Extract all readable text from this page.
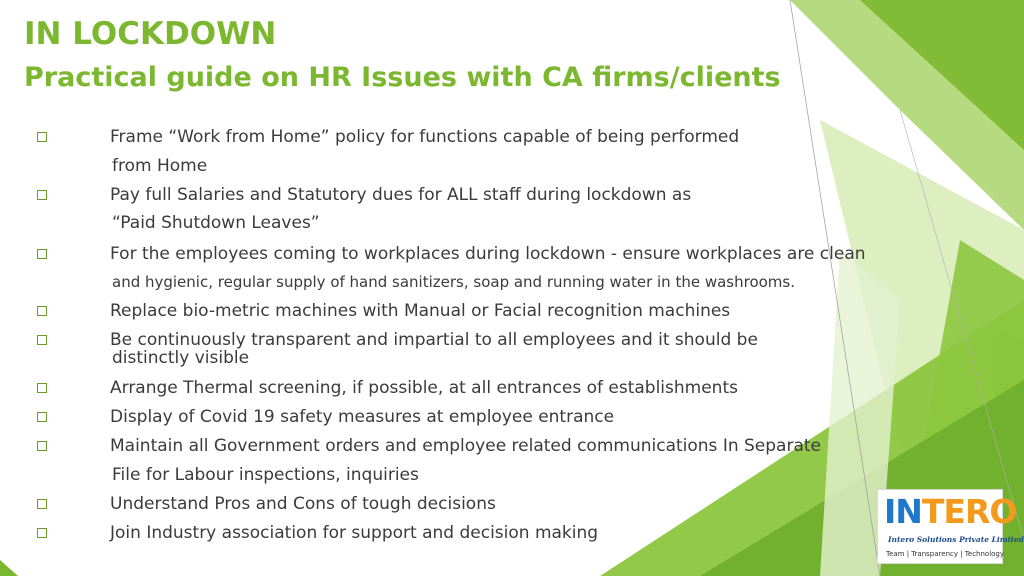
IN LOCKDOWN
Practical guide on HR Issues with CA firms/clients
Frame “Work from Home” policy for functions capable of being performed
from Home
Pay full Salaries and Statutory dues for ALL staff during lockdown as
“Paid Shutdown Leaves”
For the employees coming to workplaces during lockdown - ensure workplaces are clean
and hygienic, regular supply of hand sanitizers, soap and running water in the washrooms.
Replace bio-metric machines with Manual or Facial recognition machines
Be continuously transparent and impartial to all employees and it should be
distinctly visible
Arrange Thermal screening, if possible, at all entrances of establishments
Display of Covid 19 safety measures at employee entrance
Maintain all Government orders and employee related communications In Separate
File for Labour inspections, inquiries
Understand Pros and Cons of tough decisions
Join Industry association for support and decision making
INTERO
Intero Solutions Private Limited
Team | Transparency | Technology
